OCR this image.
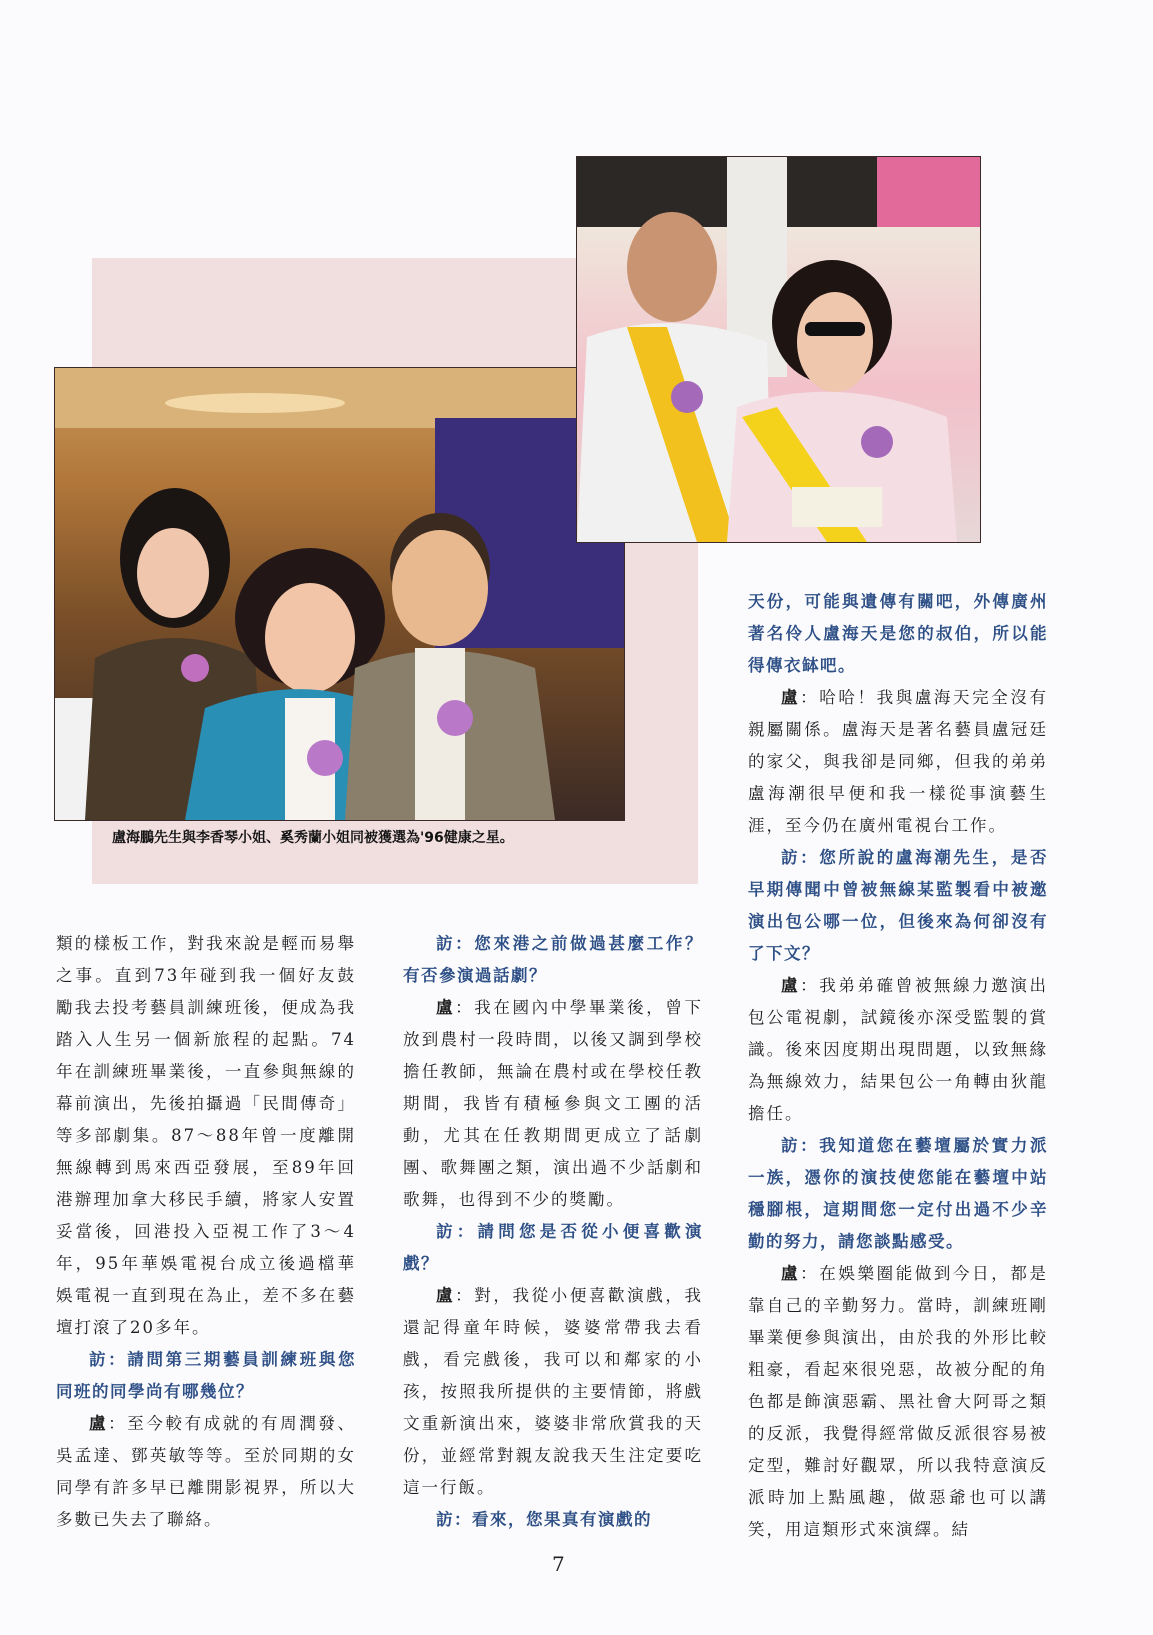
盧海鵬先生與李香琴小姐、奚秀蘭小姐同被獲選為'96健康之星。

類的樣板工作，對我來說是輕而易舉之事。直到73年碰到我一個好友鼓勵我去投考藝員訓練班後，便成為我踏入人生另一個新旅程的起點。74年在訓練班畢業後，一直參與無線的幕前演出，先後拍攝過「民間傳奇」等多部劇集。87～88年曾一度離開無線轉到馬來西亞發展，至89年回港辦理加拿大移民手續，將家人安置妥當後，回港投入亞視工作了3～4年，95年華娛電視台成立後過檔華娛電視一直到現在為止，差不多在藝壇打滾了20多年。

訪：請問第三期藝員訓練班與您同班的同學尚有哪幾位？

盧：至今較有成就的有周潤發、吳孟達、鄧英敏等等。至於同期的女同學有許多早已離開影視界，所以大多數已失去了聯絡。

訪：您來港之前做過甚麼工作？有否參演過話劇？

盧：我在國內中學畢業後，曾下放到農村一段時間，以後又調到學校擔任教師，無論在農村或在學校任教期間，我皆有積極參與文工團的活動，尤其在任教期間更成立了話劇團、歌舞團之類，演出過不少話劇和歌舞，也得到不少的獎勵。

訪：請問您是否從小便喜歡演戲？

盧：對，我從小便喜歡演戲，我還記得童年時候，婆婆常帶我去看戲，看完戲後，我可以和鄰家的小孩，按照我所提供的主要情節，將戲文重新演出來，婆婆非常欣賞我的天份，並經常對親友說我天生注定要吃這一行飯。

訪：看來，您果真有演戲的

天份，可能與遺傳有關吧，外傳廣州著名伶人盧海天是您的叔伯，所以能得傳衣缽吧。

盧：哈哈！我與盧海天完全沒有親屬關係。盧海天是著名藝員盧冠廷的家父，與我卻是同鄉，但我的弟弟盧海潮很早便和我一樣從事演藝生涯，至今仍在廣州電視台工作。

訪：您所說的盧海潮先生，是否早期傳聞中曾被無線某監製看中被邀演出包公哪一位，但後來為何卻沒有了下文？

盧：我弟弟確曾被無線力邀演出包公電視劇，試鏡後亦深受監製的賞識。後來因度期出現問題，以致無緣為無線效力，結果包公一角轉由狄龍擔任。

訪：我知道您在藝壇屬於實力派一族，憑你的演技使您能在藝壇中站穩腳根，這期間您一定付出過不少辛勤的努力，請您談點感受。

盧：在娛樂圈能做到今日，都是靠自己的辛勤努力。當時，訓練班剛畢業便參與演出，由於我的外形比較粗豪，看起來很兇惡，故被分配的角色都是飾演惡霸、黑社會大阿哥之類的反派，我覺得經常做反派很容易被定型，難討好觀眾，所以我特意演反派時加上點風趣，做惡爺也可以講笑，用這類形式來演繹。結

7
